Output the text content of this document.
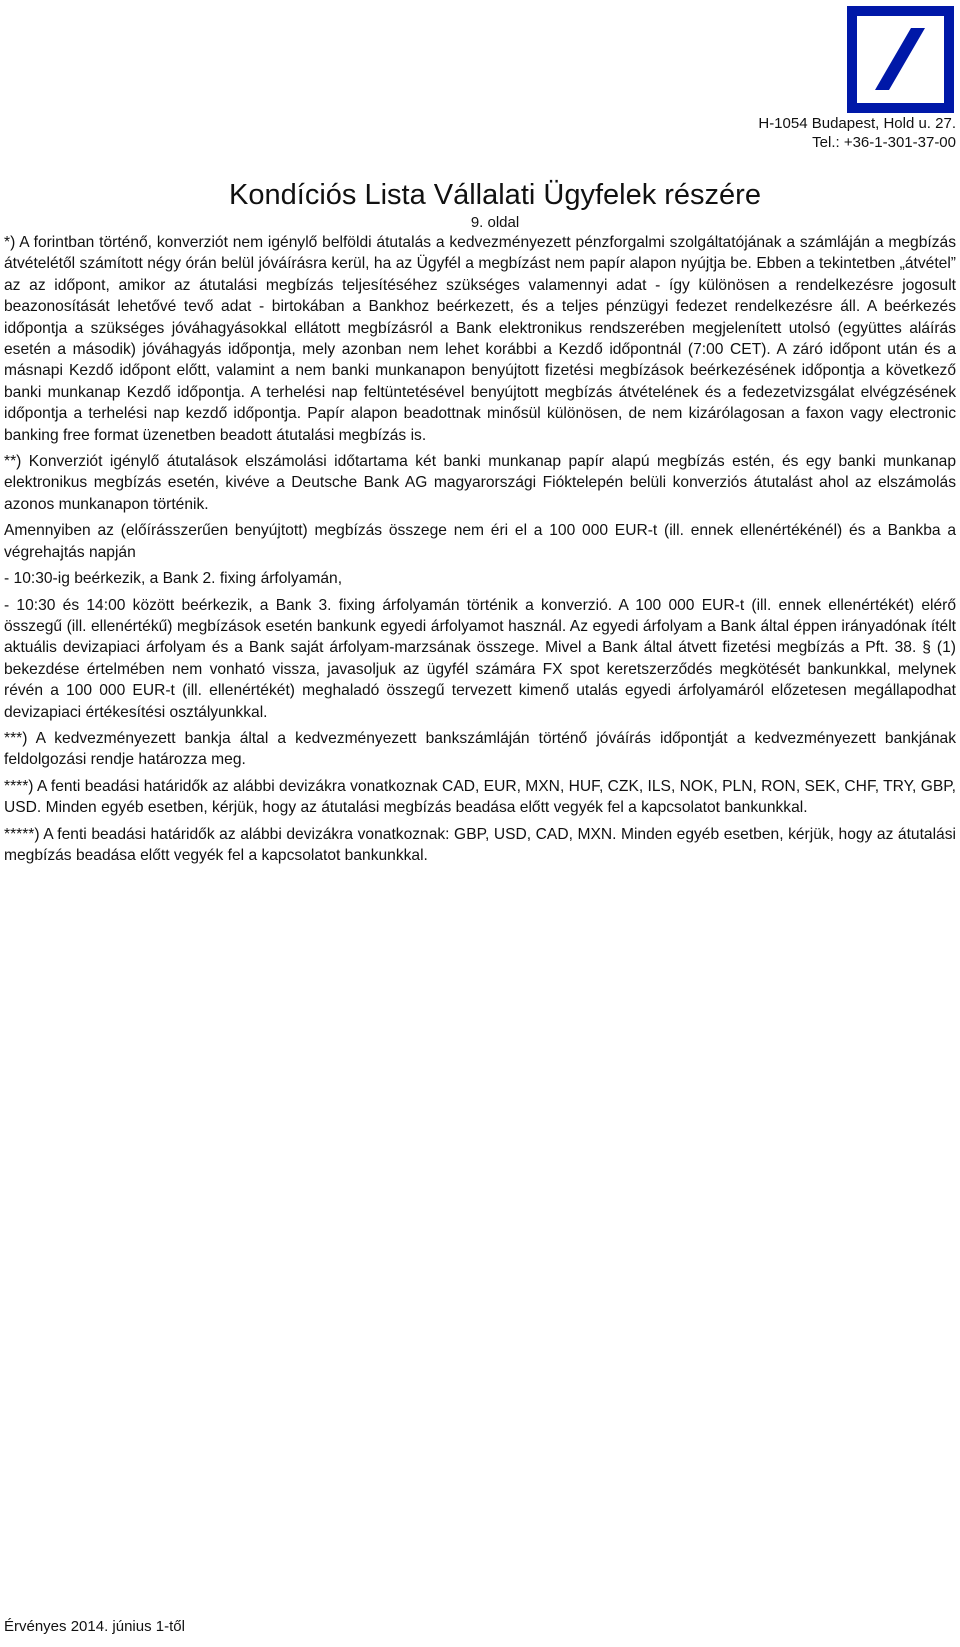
H-1054 Budapest, Hold u. 27.
Tel.: +36-1-301-37-00
Kondíciós Lista Vállalati Ügyfelek részére
9. oldal

*) A forintban történő, konverziót nem igénylő belföldi átutalás a kedvezményezett pénzforgalmi szolgáltatójának a számláján a megbízás átvételétől számított négy órán belül jóváírásra kerül, ha az Ügyfél a megbízást nem papír alapon nyújtja be. Ebben a tekintetben „átvétel” az az időpont, amikor az átutalási megbízás teljesítéséhez szükséges valamennyi adat - így különösen a rendelkezésre jogosult beazonosítását lehetővé tevő adat - birtokában a Bankhoz beérkezett, és a teljes pénzügyi fedezet rendelkezésre áll. A beérkezés időpontja a szükséges jóváhagyásokkal ellátott megbízásról a Bank elektronikus rendszerében megjelenített utolsó (együttes aláírás esetén a második) jóváhagyás időpontja, mely azonban nem lehet korábbi a Kezdő időpontnál (7:00 CET). A záró időpont után és a másnapi Kezdő időpont előtt, valamint a nem banki munkanapon benyújtott fizetési megbízások beérkezésének időpontja a következő banki munkanap Kezdő időpontja. A terhelési nap feltüntetésével benyújtott megbízás átvételének és a fedezetvizsgálat elvégzésének időpontja a terhelési nap kezdő időpontja. Papír alapon beadottnak minősül különösen, de nem kizárólagosan a faxon vagy electronic banking free format üzenetben beadott átutalási megbízás is.

**) Konverziót igénylő átutalások elszámolási időtartama két banki munkanap papír alapú megbízás estén, és egy banki munkanap elektronikus megbízás esetén, kivéve a Deutsche Bank AG magyarországi Fióktelepén belüli konverziós átutalást ahol az elszámolás azonos munkanapon történik.

Amennyiben az (előírásszerűen benyújtott) megbízás összege nem éri el a 100 000 EUR-t (ill. ennek ellenértékénél) és a Bankba a végrehajtás napján

- 10:30-ig beérkezik, a Bank 2. fixing árfolyamán,

- 10:30 és 14:00 között beérkezik, a Bank 3. fixing árfolyamán történik a konverzió. A 100 000 EUR-t (ill. ennek ellenértékét) elérő összegű (ill. ellenértékű) megbízások esetén bankunk egyedi árfolyamot használ. Az egyedi árfolyam a Bank által éppen irányadónak ítélt aktuális devizapiaci árfolyam és a Bank saját árfolyam-marzsának összege. Mivel a Bank által átvett fizetési megbízás a Pft. 38. § (1) bekezdése értelmében nem vonható vissza, javasoljuk az ügyfél számára FX spot keretszerződés megkötését bankunkkal, melynek révén a 100 000 EUR-t (ill. ellenértékét) meghaladó összegű tervezett kimenő utalás egyedi árfolyamáról előzetesen megállapodhat devizapiaci értékesítési osztályunkkal.

***) A kedvezményezett bankja által a kedvezményezett bankszámláján történő jóváírás időpontját a kedvezményezett bankjának feldolgozási rendje határozza meg.

****) A fenti beadási határidők az alábbi devizákra vonatkoznak CAD, EUR, MXN, HUF, CZK, ILS, NOK, PLN, RON, SEK, CHF, TRY, GBP, USD. Minden egyéb esetben, kérjük, hogy az átutalási megbízás beadása előtt vegyék fel a kapcsolatot bankunkkal.

*****) A fenti beadási határidők az alábbi devizákra vonatkoznak: GBP, USD, CAD, MXN. Minden egyéb esetben, kérjük, hogy az átutalási megbízás beadása előtt vegyék fel a kapcsolatot bankunkkal.

Érvényes 2014. június 1-től
